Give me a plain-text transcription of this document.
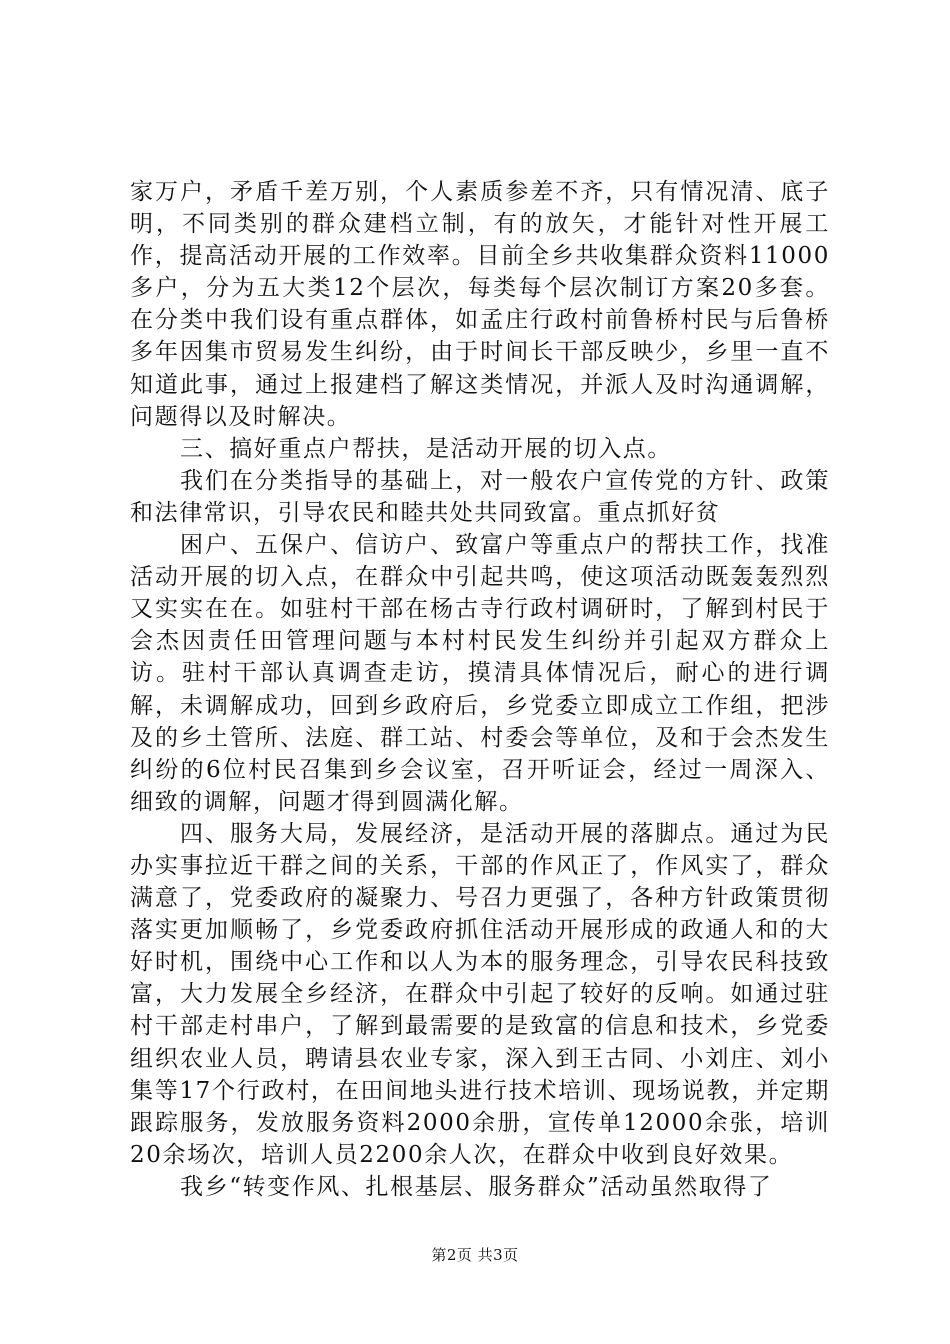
家万户，矛盾千差万别，个人素质参差不齐，只有情况清、底子明，不同类别的群众建档立制，有的放矢，才能针对性开展工作，提高活动开展的工作效率。目前全乡共收集群众资料11000多户，分为五大类12个层次，每类每个层次制订方案20多套。在分类中我们设有重点群体，如孟庄行政村前鲁桥村民与后鲁桥多年因集市贸易发生纠纷，由于时间长干部反映少，乡里一直不知道此事，通过上报建档了解这类情况，并派人及时沟通调解，问题得以及时解决。

三、搞好重点户帮扶，是活动开展的切入点。

我们在分类指导的基础上，对一般农户宣传党的方针、政策和法律常识，引导农民和睦共处共同致富。重点抓好贫

困户、五保户、信访户、致富户等重点户的帮扶工作，找准活动开展的切入点，在群众中引起共鸣，使这项活动既轰轰烈烈又实实在在。如驻村干部在杨古寺行政村调研时，了解到村民于会杰因责任田管理问题与本村村民发生纠纷并引起双方群众上访。驻村干部认真调查走访，摸清具体情况后，耐心的进行调解，未调解成功，回到乡政府后，乡党委立即成立工作组，把涉及的乡土管所、法庭、群工站、村委会等单位，及和于会杰发生纠纷的6位村民召集到乡会议室，召开听证会，经过一周深入、细致的调解，问题才得到圆满化解。

四、服务大局，发展经济，是活动开展的落脚点。通过为民办实事拉近干群之间的关系，干部的作风正了，作风实了，群众满意了，党委政府的凝聚力、号召力更强了，各种方针政策贯彻落实更加顺畅了，乡党委政府抓住活动开展形成的政通人和的大好时机，围绕中心工作和以人为本的服务理念，引导农民科技致富，大力发展全乡经济，在群众中引起了较好的反响。如通过驻村干部走村串户，了解到最需要的是致富的信息和技术，乡党委组织农业人员，聘请县农业专家，深入到王古同、小刘庄、刘小集等17个行政村，在田间地头进行技术培训、现场说教，并定期跟踪服务，发放服务资料2000余册，宣传单12000余张，培训20余场次，培训人员2200余人次，在群众中收到良好效果。

我乡“转变作风、扎根基层、服务群众”活动虽然取得了

第2页 共3页
